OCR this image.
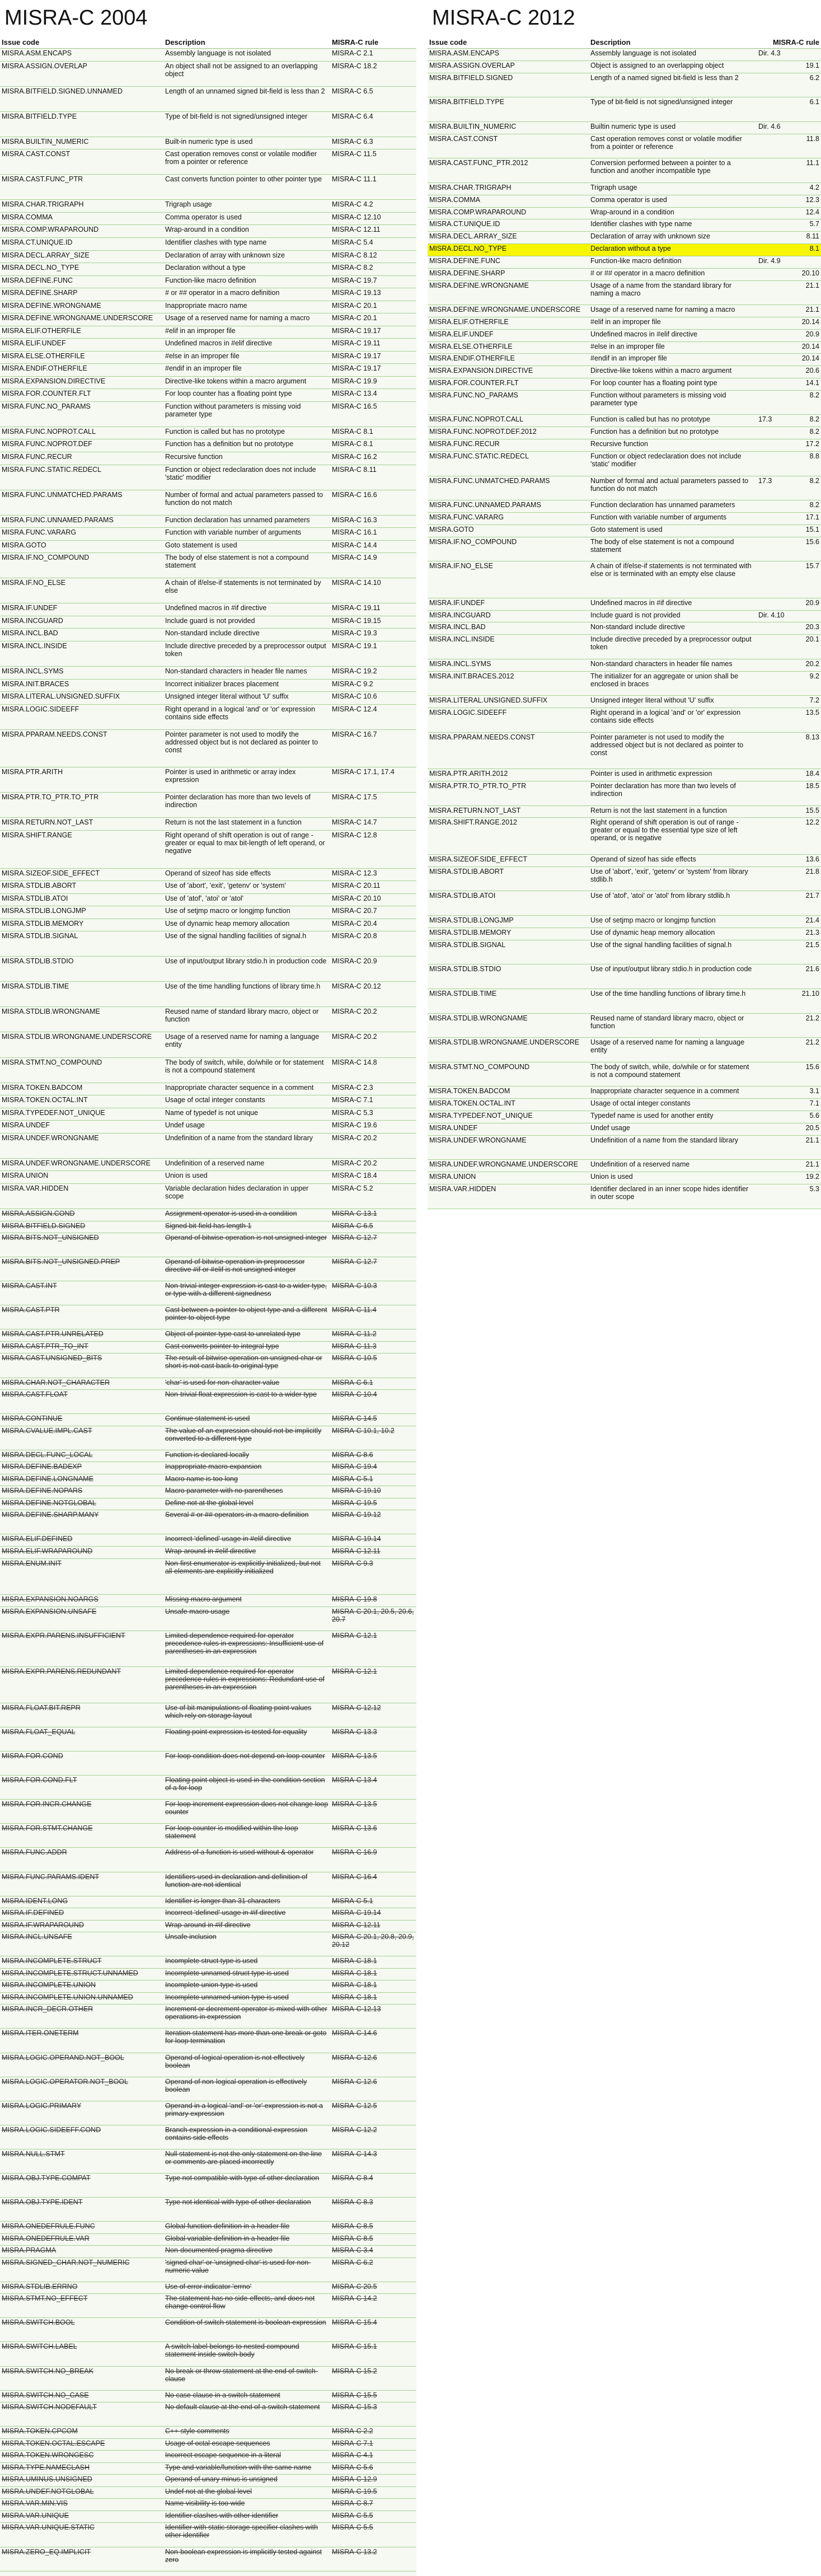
MISRA-C 2004
Issue code	Description	MISRA-C rule
MISRA.ASM.ENCAPS	Assembly language is not isolated	MISRA-C 2.1
MISRA.ASSIGN.OVERLAP	An object shall not be assigned to an overlapping object
MISRA-C 18.2
MISRA.BITFIELD.SIGNED.UNNAMED	Length of an unnamed signed bit-field is less than 2 MISRA-C 6.5
MISRA.BITFIELD.TYPE	Type of bit-field is not signed/unsigned integer	MISRA-C 6.4
MISRA.BUILTIN_NUMERIC	Built-in numeric type is used	MISRA-C 6.3
MISRA.CAST.CONST	Cast operation removes const or volatile modifier from a pointer or reference
MISRA-C 11.5
MISRA.CAST.FUNC_PTR	Cast converts function pointer to other pointer type	MISRA-C 11.1
MISRA.CHAR.TRIGRAPH	Trigraph usage	MISRA-C 4.2
MISRA.COMMA	Comma operator is used	MISRA-C 12.10
MISRA.COMP.WRAPAROUND	Wrap-around in a condition	MISRA-C 12.11
MISRA.CT.UNIQUE.ID	Identifier clashes with type name	MISRA-C 5.4
MISRA.DECL.ARRAY_SIZE	Declaration of array with unknown size	MISRA-C 8.12
MISRA.DECL.NO_TYPE	Declaration without a type	MISRA-C 8.2
MISRA.DEFINE.FUNC	Function-like macro definition	MISRA-C 19.7
MISRA.DEFINE.SHARP	# or ## operator in a macro definition	MISRA-C 19.13
MISRA.DEFINE.WRONGNAME	Inappropriate macro name	MISRA-C 20.1
MISRA.DEFINE.WRONGNAME.UNDERSCORE	Usage of a reserved name for naming a macro	MISRA-C 20.1
MISRA.ELIF.OTHERFILE	#elif in an improper file	MISRA-C 19.17
MISRA.ELIF.UNDEF	Undefined macros in #elif directive	MISRA-C 19.11
MISRA.ELSE.OTHERFILE	#else in an improper file	MISRA-C 19.17
MISRA.ENDIF.OTHERFILE	#endif in an improper file	MISRA-C 19.17
MISRA.EXPANSION.DIRECTIVE	Directive-like tokens within a macro argument	MISRA-C 19.9
MISRA.FOR.COUNTER.FLT	For loop counter has a floating point type	MISRA-C 13.4
MISRA.FUNC.NO_PARAMS	Function without parameters is missing void parameter type
MISRA-C 16.5
MISRA.FUNC.NOPROT.CALL	Function is called but has no prototype	MISRA-C 8.1
MISRA.FUNC.NOPROT.DEF	Function has a definition but no prototype	MISRA-C 8.1
MISRA.FUNC.RECUR	Recursive function	MISRA-C 16.2
MISRA.FUNC.STATIC.REDECL	Function or object redeclaration does not include 'static' modifier
MISRA-C 8.11
MISRA.FUNC.UNMATCHED.PARAMS	Number of formal and actual parameters passed to function do not match
MISRA-C 16.6
MISRA.FUNC.UNNAMED.PARAMS	Function declaration has unnamed parameters	MISRA-C 16.3
MISRA.FUNC.VARARG	Function with variable number of arguments	MISRA-C 16.1
MISRA.GOTO	Goto statement is used	MISRA-C 14.4
MISRA.IF.NO_COMPOUND	The body of else statement is not a compound statement
MISRA-C 14.9
MISRA.IF.NO_ELSE	A chain of if/else-if statements is not terminated by else
MISRA-C 14.10
MISRA.IF.UNDEF	Undefined macros in #if directive	MISRA-C 19.11
MISRA.INCGUARD	Include guard is not provided	MISRA-C 19.15
MISRA.INCL.BAD	Non-standard include directive	MISRA-C 19.3
MISRA.INCL.INSIDE	Include directive preceded by a preprocessor output token
MISRA-C 19.1
MISRA.INCL.SYMS	Non-standard characters in header file names	MISRA-C 19.2
MISRA.INIT.BRACES	Incorrect initializer braces placement	MISRA-C 9.2
MISRA.LITERAL.UNSIGNED.SUFFIX	Unsigned integer literal without 'U' suffix	MISRA-C 10.6
MISRA.LOGIC.SIDEEFF	Right operand in a logical 'and' or 'or' expression contains side effects
MISRA-C 12.4
MISRA.PPARAM.NEEDS.CONST	Pointer parameter is not used to modify the addressed object but is not declared as pointer to const
MISRA-C 16.7
MISRA.PTR.ARITH	Pointer is used in arithmetic or array index expression
MISRA-C 17.1, 17.4
MISRA.PTR.TO_PTR.TO_PTR	Pointer declaration has more than two levels of indirection
MISRA-C 17.5
MISRA.RETURN.NOT_LAST	Return is not the last statement in a function	MISRA-C 14.7
MISRA.SHIFT.RANGE	Right operand of shift operation is out of range - greater or equal to max bit-length of left operand, or negative
MISRA-C 12.8
MISRA.SIZEOF.SIDE_EFFECT	Operand of sizeof has side effects	MISRA-C 12.3
MISRA.STDLIB.ABORT	Use of 'abort', 'exit', 'getenv' or 'system'	MISRA-C 20.11
MISRA.STDLIB.ATOI	Use of 'atof', 'atoi' or 'atol'	MISRA-C 20.10
MISRA.STDLIB.LONGJMP	Use of setjmp macro or longjmp function	MISRA-C 20.7
MISRA.STDLIB.MEMORY	Use of dynamic heap memory allocation	MISRA-C 20.4
MISRA.STDLIB.SIGNAL	Use of the signal handling facilities of signal.h	MISRA-C 20.8
MISRA.STDLIB.STDIO	Use of input/output library stdio.h in production code MISRA-C 20.9
MISRA.STDLIB.TIME	Use of the time handling functions of library time.h	MISRA-C 20.12
MISRA.STDLIB.WRONGNAME	Reused name of standard library macro, object or function
MISRA-C 20.2
MISRA.STDLIB.WRONGNAME.UNDERSCORE	Usage of a reserved name for naming a language entity
MISRA-C 20.2
MISRA.STMT.NO_COMPOUND	The body of switch, while, do/while or for statement is not a compound statement
MISRA-C 14.8
MISRA.TOKEN.BADCOM	Inappropriate character sequence in a comment	MISRA-C 2.3
MISRA.TOKEN.OCTAL.INT	Usage of octal integer constants	MISRA-C 7.1
MISRA.TYPEDEF.NOT_UNIQUE	Name of typedef is not unique	MISRA-C 5.3
MISRA.UNDEF	Undef usage	MISRA-C 19.6
MISRA.UNDEF.WRONGNAME	Undefinition of a name from the standard library	MISRA-C 20.2
MISRA.UNDEF.WRONGNAME.UNDERSCORE	Undefinition of a reserved name	MISRA-C 20.2
MISRA.UNION	Union is used	MISRA-C 18.4
MISRA.VAR.HIDDEN	Variable declaration hides declaration in upper scope
MISRA-C 5.2
MISRA-C 2012
Issue code	Description	MISRA-C rule
MISRA.ASM.ENCAPS	Assembly language is not isolated	Dir. 4.3
MISRA.ASSIGN.OVERLAP	Object is assigned to an overlapping object	19.1
MISRA.BITFIELD.SIGNED	Length of a named signed bit-field is less than 2	6.2
MISRA.BITFIELD.TYPE	Type of bit-field is not signed/unsigned integer	6.1
MISRA.BUILTIN_NUMERIC	Builtin numeric type is used	Dir. 4.6
MISRA.CAST.CONST	Cast operation removes const or volatile modifier from a pointer or reference
11.8
MISRA.CAST.FUNC_PTR.2012	Conversion performed between a pointer to a function and another incompatible type
11.1
MISRA.CHAR.TRIGRAPH	Trigraph usage	4.2
MISRA.COMMA	Comma operator is used	12.3
MISRA.COMP.WRAPAROUND	Wrap-around in a condition	12.4
MISRA.CT.UNIQUE.ID	Identifier clashes with type name	5.7
MISRA.DECL.ARRAY_SIZE	Declaration of array with unknown size	8.11
MISRA.DECL.NO_TYPE	Declaration without a type	8.1
MISRA.DEFINE.FUNC	Function-like macro definition	Dir. 4.9
MISRA.DEFINE.SHARP	# or ## operator in a macro definition	20.10
MISRA.DEFINE.WRONGNAME	Usage of a name from the standard library for naming a macro
21.1
MISRA.DEFINE.WRONGNAME.UNDERSCORE	Usage of a reserved name for naming a macro	21.1
MISRA.ELIF.OTHERFILE	#elif in an improper file	20.14
MISRA.ELIF.UNDEF	Undefined macros in #elif directive	20.9
MISRA.ELSE.OTHERFILE	#else in an improper file	20.14
MISRA.ENDIF.OTHERFILE	#endif in an improper file	20.14
MISRA.EXPANSION.DIRECTIVE	Directive-like tokens within a macro argument	20.6
MISRA.FOR.COUNTER.FLT	For loop counter has a floating point type	14.1
MISRA.FUNC.NO_PARAMS	Function without parameters is missing void parameter type
8.2
MISRA.FUNC.NOPROT.CALL	Function is called but has no prototype	17.3	8.2
MISRA.FUNC.NOPROT.DEF.2012	Function has a definition but no prototype	8.2
MISRA.FUNC.RECUR	Recursive function	17.2
MISRA.FUNC.STATIC.REDECL	Function or object redeclaration does not include 'static' modifier
8.8
MISRA.FUNC.UNMATCHED.PARAMS	Number of formal and actual parameters passed to function do not match
17.3	8.2
MISRA.FUNC.UNNAMED.PARAMS	Function declaration has unnamed parameters	8.2
MISRA.FUNC.VARARG	Function with variable number of arguments	17.1
MISRA.GOTO	Goto statement is used	15.1
MISRA.IF.NO_COMPOUND	The body of else statement is not a compound statement
15.6
MISRA.IF.NO_ELSE	A chain of if/else-if statements is not terminated with else or is terminated with an empty else clause
15.7
MISRA.IF.UNDEF	Undefined macros in #if directive	20.9
MISRA.INCGUARD	Include guard is not provided	Dir. 4.10
MISRA.INCL.BAD	Non-standard include directive	20.3
MISRA.INCL.INSIDE	Include directive preceded by a preprocessor output token
20.1
MISRA.INCL.SYMS	Non-standard characters in header file names	20.2
MISRA.INIT.BRACES.2012	The initializer for an aggregate or union shall be enclosed in braces
9.2
MISRA.LITERAL.UNSIGNED.SUFFIX	Unsigned integer literal without 'U' suffix	7.2
MISRA.LOGIC.SIDEEFF	Right operand in a logical 'and' or 'or' expression contains side effects
13.5
MISRA.PPARAM.NEEDS.CONST	Pointer parameter is not used to modify the addressed object but is not declared as pointer to const
8.13
MISRA.PTR.ARITH.2012	Pointer is used in arithmetic expression	18.4
MISRA.PTR.TO_PTR.TO_PTR	Pointer declaration has more than two levels of indirection
18.5
MISRA.RETURN.NOT_LAST	Return is not the last statement in a function	15.5
MISRA.SHIFT.RANGE.2012	Right operand of shift operation is out of range - greater or equal to the essential type size of left operand, or is negative
12.2
MISRA.SIZEOF.SIDE_EFFECT	Operand of sizeof has side effects	13.6
MISRA.STDLIB.ABORT	Use of 'abort', 'exit', 'getenv' or 'system' from library stdlib.h
21.8
MISRA.STDLIB.ATOI	Use of 'atof', 'atoi' or 'atol' from library stdlib.h	21.7
MISRA.STDLIB.LONGJMP	Use of setjmp macro or longjmp function	21.4
MISRA.STDLIB.MEMORY	Use of dynamic heap memory allocation	21.3
MISRA.STDLIB.SIGNAL	Use of the signal handling facilities of signal.h	21.5
MISRA.STDLIB.STDIO	Use of input/output library stdio.h in production code	21.6
MISRA.STDLIB.TIME	Use of the time handling functions of library time.h	21.10
MISRA.STDLIB.WRONGNAME	Reused name of standard library macro, object or function
21.2
MISRA.STDLIB.WRONGNAME.UNDERSCORE	Usage of a reserved name for naming a language entity
21.2
MISRA.STMT.NO_COMPOUND	The body of switch, while, do/while or for statement is not a compound statement
15.6
MISRA.TOKEN.BADCOM	Inappropriate character sequence in a comment	3.1
MISRA.TOKEN.OCTAL.INT	Usage of octal integer constants	7.1
MISRA.TYPEDEF.NOT_UNIQUE	Typedef name is used for another entity	5.6
MISRA.UNDEF	Undef usage	20.5
MISRA.UNDEF.WRONGNAME	Undefinition of a name from the standard library	21.1
MISRA.UNDEF.WRONGNAME.UNDERSCORE	Undefinition of a reserved name	21.1
MISRA.UNION	Union is used	19.2
MISRA.VAR.HIDDEN	Identifier declared in an inner scope hides identifier in outer scope
5.3
MISRA.ASSIGN.COND	Assignment operator is used in a condition	MISRA-C 13.1
MISRA.BITFIELD.SIGNED	Signed bit-field has length 1	MISRA-C 6.5
MISRA.BITS.NOT_UNSIGNED	Operand of bitwise operation is not unsigned integer MISRA-C 12.7
MISRA.BITS.NOT_UNSIGNED.PREP	Operand of bitwise operation in preprocessor directive #if or #elif is not unsigned integer
MISRA-C 12.7
MISRA.CAST.INT	Non-trivial integer expression is cast to a wider type, or type with a different signedness
MISRA-C 10.3
MISRA.CAST.PTR	Cast between a pointer to object type and a different pointer to object type
MISRA-C 11.4
MISRA.CAST.PTR.UNRELATED	Object of pointer type cast to unrelated type	MISRA-C 11.2
MISRA.CAST.PTR_TO_INT	Cast converts pointer to integral type	MISRA-C 11.3
MISRA.CAST.UNSIGNED_BITS	The result of bitwise operation on unsigned char or short is not cast back to original type
MISRA-C 10.5
MISRA.CHAR.NOT_CHARACTER	'char' is used for non-character value	MISRA-C 6.1
MISRA.CAST.FLOAT	Non-trivial float expression is cast to a wider type	MISRA-C 10.4
MISRA.CONTINUE	Continue statement is used	MISRA-C 14.5
MISRA.CVALUE.IMPL.CAST	The value of an expression should not be implicitly converted to a different type
MISRA-C 10.1, 10.2
MISRA.DECL.FUNC_LOCAL	Function is declared locally	MISRA-C 8.6
MISRA.DEFINE.BADEXP	Inappropriate macro expansion	MISRA-C 19.4
MISRA.DEFINE.LONGNAME	Macro name is too long	MISRA-C 5.1
MISRA.DEFINE.NOPARS	Macro parameter with no parentheses	MISRA-C 19.10
MISRA.DEFINE.NOTGLOBAL	Define not at the global level	MISRA-C 19.5
MISRA.DEFINE.SHARP.MANY	Several # or ## operators in a macro definition	MISRA-C 19.12
MISRA.ELIF.DEFINED	Incorrect 'defined' usage in #elif directive	MISRA-C 19.14
MISRA.ELIF.WRAPAROUND	Wrap-around in #elif directive	MISRA-C 12.11
MISRA.ENUM.INIT	Non-first enumerator is explicitly initialized, but not all elements are explicitly initialized
MISRA-C 9.3
MISRA.EXPANSION.NOARGS	Missing macro argument	MISRA-C 19.8
MISRA.EXPANSION.UNSAFE	Unsafe macro usage	MISRA-C 20.1, 20.5, 20.6, 20.7
MISRA.EXPR.PARENS.INSUFFICIENT	Limited dependence required for operator precedence rules in expressions: Insufficient use of parentheses in an expression
MISRA-C 12.1
MISRA.EXPR.PARENS.REDUNDANT	Limited dependence required for operator precedence rules in expressions: Redundant use of parentheses in an expression
MISRA-C 12.1
MISRA.FLOAT.BIT.REPR	Use of bit manipulations of floating point values which rely on storage layout
MISRA-C 12.12
MISRA.FLOAT_EQUAL	Floating point expression is tested for equality	MISRA-C 13.3
MISRA.FOR.COND	For loop condition does not depend on loop counter MISRA-C 13.5
MISRA.FOR.COND.FLT	Floating point object is used in the condition section of a for loop
MISRA-C 13.4
MISRA.FOR.INCR.CHANGE	For loop increment expression does not change loop counter
MISRA-C 13.5
MISRA.FOR.STMT.CHANGE	For loop counter is modified within the loop statement
MISRA-C 13.6
MISRA.FUNC.ADDR	Address of a function is used without & operator	MISRA-C 16.9
MISRA.FUNC.PARAMS.IDENT	Identifiers used in declaration and definition of function are not identical
MISRA-C 16.4
MISRA.IDENT.LONG	Identifier is longer than 31 characters	MISRA-C 5.1
MISRA.IF.DEFINED	Incorrect 'defined' usage in #if directive	MISRA-C 19.14
MISRA.IF.WRAPAROUND	Wrap-around in #if directive	MISRA-C 12.11
MISRA.INCL.UNSAFE	Unsafe inclusion	MISRA-C 20.1, 20.8, 20.9, 20.12
MISRA.INCOMPLETE.STRUCT	Incomplete struct type is used	MISRA-C 18.1
MISRA.INCOMPLETE.STRUCT.UNNAMED	Incomplete unnamed struct type is used	MISRA-C 18.1
MISRA.INCOMPLETE.UNION	Incomplete union type is used	MISRA-C 18.1
MISRA.INCOMPLETE.UNION.UNNAMED	Incomplete unnamed union type is used	MISRA-C 18.1
MISRA.INCR_DECR.OTHER	Increment or decrement operator is mixed with other operations in expression
MISRA-C 12.13
MISRA.ITER.ONETERM	Iteration statement has more than one break or goto for loop termination
MISRA-C 14.6
MISRA.LOGIC.OPERAND.NOT_BOOL	Operand of logical operation is not effectively boolean
MISRA-C 12.6
MISRA.LOGIC.OPERATOR.NOT_BOOL	Operand of non-logical operation is effectively boolean
MISRA-C 12.6
MISRA.LOGIC.PRIMARY	Operand in a logical 'and' or 'or' expression is not a primary expression
MISRA-C 12.5
MISRA.LOGIC.SIDEEFF.COND	Branch expression in a conditional expression contains side effects
MISRA-C 12.2
MISRA.NULL.STMT	Null statement is not the only statement on the line or comments are placed incorrectly
MISRA-C 14.3
MISRA.OBJ.TYPE.COMPAT	Type not compatible with type of other declaration	MISRA-C 8.4
MISRA.OBJ.TYPE.IDENT	Type not identical with type of other declaration	MISRA-C 8.3
MISRA.ONEDEFRULE.FUNC	Global function definition in a header file	MISRA-C 8.5
MISRA.ONEDEFRULE.VAR	Global variable definition in a header file	MISRA-C 8.5
MISRA.PRAGMA	Non-documented pragma directive	MISRA-C 3.4
MISRA.SIGNED_CHAR.NOT_NUMERIC	'signed char' or 'unsigned char' is used for non-numeric value
MISRA-C 6.2
MISRA.STDLIB.ERRNO	Use of error indicator 'errno'	MISRA-C 20.5
MISRA.STMT.NO_EFFECT	The statement has no side-effects, and does not change control flow
MISRA-C 14.2
MISRA.SWITCH.BOOL	Condition of switch statement is boolean expression MISRA-C 15.4
MISRA.SWITCH.LABEL	A switch label belongs to nested compound statement inside switch body
MISRA-C 15.1
MISRA.SWITCH.NO_BREAK	No break or throw statement at the end of switch-clause
MISRA-C 15.2
MISRA.SWITCH.NO_CASE	No case clause in a switch statement	MISRA-C 15.5
MISRA.SWITCH.NODEFAULT	No default clause at the end of a switch statement	MISRA-C 15.3
MISRA.TOKEN.CPCOM	C++-style comments	MISRA-C 2.2
MISRA.TOKEN.OCTAL.ESCAPE	Usage of octal escape sequences	MISRA-C 7.1
MISRA.TOKEN.WRONGESC	Incorrect escape sequence in a literal	MISRA-C 4.1
MISRA.TYPE.NAMECLASH	Type and variable/function with the same name	MISRA-C 5.6
MISRA.UMINUS.UNSIGNED	Operand of unary minus is unsigned	MISRA-C 12.9
MISRA.UNDEF.NOTGLOBAL	Undef not at the global level	MISRA-C 19.5
MISRA.VAR.MIN.VIS	Name visibility is too wide	MISRA-C 8.7
MISRA.VAR.UNIQUE	Identifier clashes with other identifier	MISRA-C 5.5
MISRA.VAR.UNIQUE.STATIC	Identifier with static storage specifier clashes with other identifier
MISRA-C 5.5
MISRA.ZERO_EQ.IMPLICIT	Non-boolean expression is implicitly tested against zero
MISRA-C 13.2
